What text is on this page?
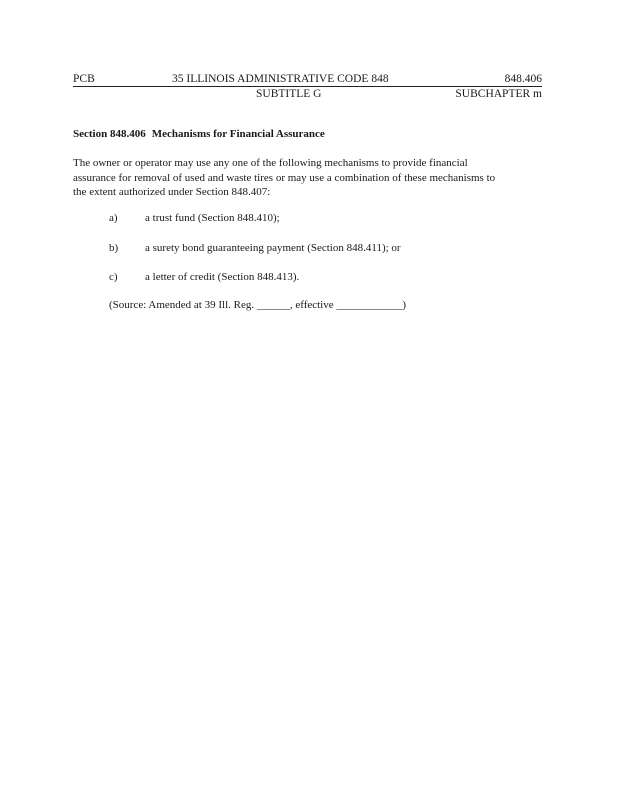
PCB	35 ILLINOIS ADMINISTRATIVE CODE 848	848.406
SUBTITLE G	SUBCHAPTER m
Section 848.406 Mechanisms for Financial Assurance
The owner or operator may use any one of the following mechanisms to provide financial
assurance for removal of used and waste tires or may use a combination of these mechanisms to
the extent authorized under Section 848.407:
a) a trust fund (Section 848.410);
b) a surety bond guaranteeing payment (Section 848.411); or
c) a letter of credit (Section 848.413).
(Source: Amended at 39 Ill. Reg. ______, effective ____________)
